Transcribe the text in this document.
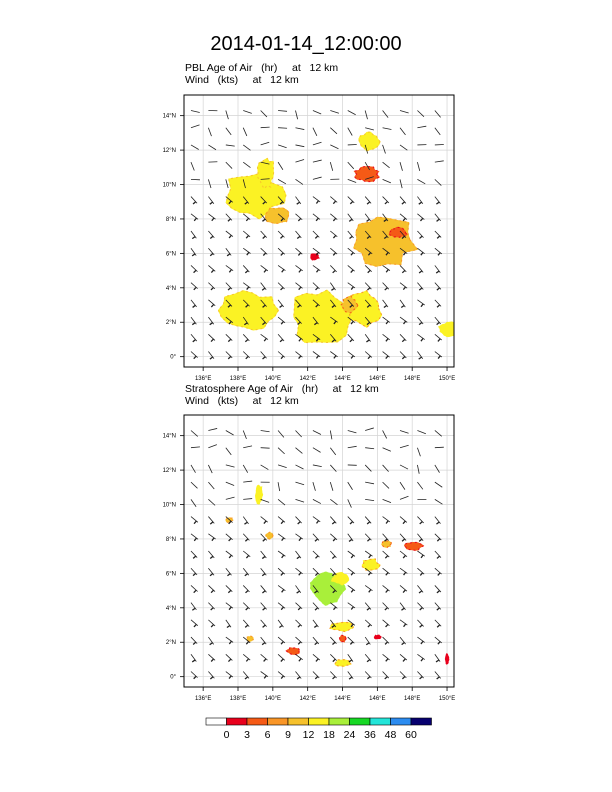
2014-01-14_12:00:00
PBL Age of Air   (hr)     at   12 km
Wind   (kts)     at   12 km
Stratosphere Age of Air   (hr)     at   12 km
Wind   (kts)     at   12 km
136°E	138°E	140°E	142°E	144°E	146°E	148°E	150°E
0°
2°N
4°N
6°N
8°N
10°N
12°N
14°N
136°E	138°E	140°E	142°E	144°E	146°E	148°E	150°E
0°
2°N
4°N
6°N
8°N
10°N
12°N
14°N
0 3 6 9 12 18 24 36 48 60
